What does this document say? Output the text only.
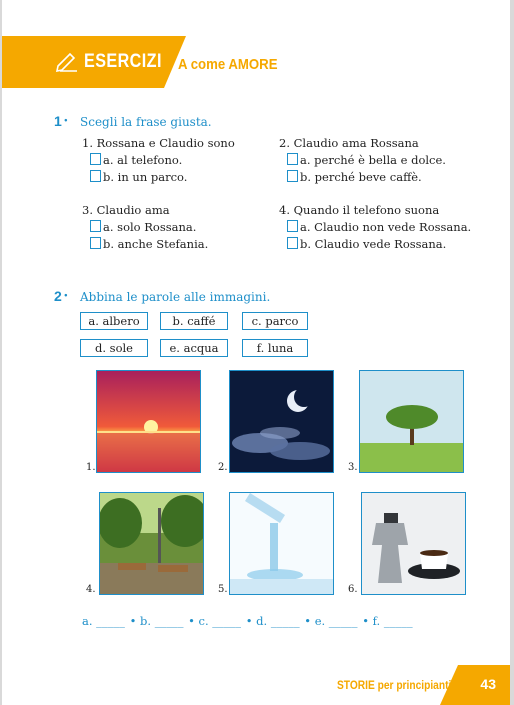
ESERCIZI A come AMORE
1 • Scegli la frase giusta.
1. Rossana e Claudio sono
a. al telefono.
b. in un parco.
2. Claudio ama Rossana
a. perché è bella e dolce.
b. perché beve caffè.
3. Claudio ama
a. solo Rossana.
b. anche Stefania.
4. Quando il telefono suona
a. Claudio non vede Rossana.
b. Claudio vede Rossana.
2 • Abbina le parole alle immagini.
a. albero	b. caffé	c. parco
d. sole	e. acqua	f. luna
1.	2.	3.
4.	5.	6.
a. _____ • b. _____ • c. _____ • d. _____ • e. _____ • f. _____
STORIE per principianti 43
